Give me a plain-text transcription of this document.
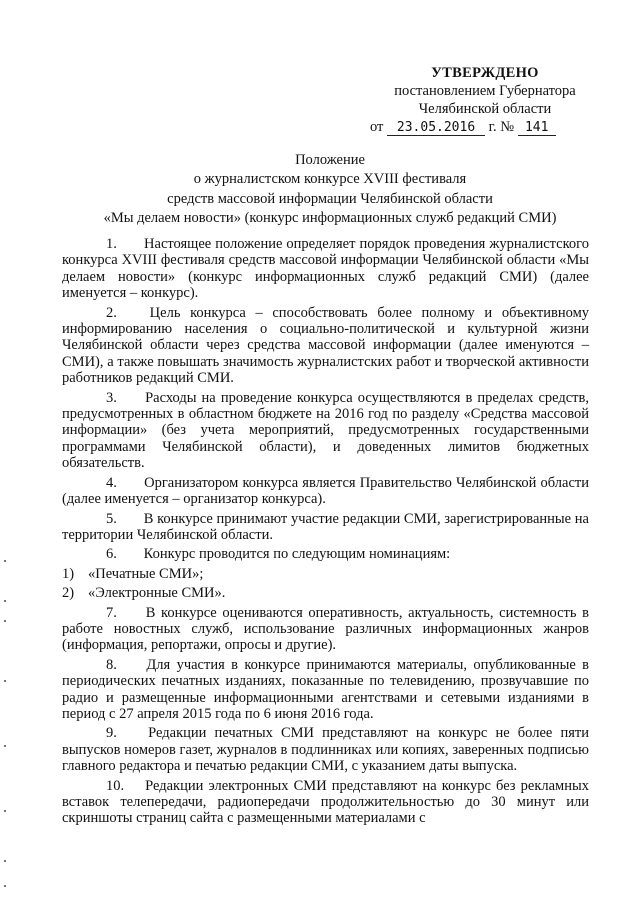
УТВЕРЖДЕНО
постановлением Губернатора
Челябинской области
от 23.05.2016 г. № 141
Положение
о журналистском конкурсе XVIII фестиваля
средств массовой информации Челябинской области
«Мы делаем новости» (конкурс информационных служб редакций СМИ)

1. Настоящее положение определяет порядок проведения журналистского конкурса XVIII фестиваля средств массовой информации Челябинской области «Мы делаем новости» (конкурс информационных служб редакций СМИ) (далее именуется – конкурс).

2. Цель конкурса – способствовать более полному и объективному информированию населения о социально-политической и культурной жизни Челябинской области через средства массовой информации (далее именуются – СМИ), а также повышать значимость журналистских работ и творческой активности работников редакций СМИ.

3. Расходы на проведение конкурса осуществляются в пределах средств, предусмотренных в областном бюджете на 2016 год по разделу «Средства массовой информации» (без учета мероприятий, предусмотренных государственными программами Челябинской области), и доведенных лимитов бюджетных обязательств.

4. Организатором конкурса является Правительство Челябинской области (далее именуется – организатор конкурса).

5. В конкурсе принимают участие редакции СМИ, зарегистрированные на территории Челябинской области.

6. Конкурс проводится по следующим номинациям:

1) «Печатные СМИ»;

2) «Электронные СМИ».

7. В конкурсе оцениваются оперативность, актуальность, системность в работе новостных служб, использование различных информационных жанров (информация, репортажи, опросы и другие).

8. Для участия в конкурсе принимаются материалы, опубликованные в периодических печатных изданиях, показанные по телевидению, прозвучавшие по радио и размещенные информационными агентствами и сетевыми изданиями в период с 27 апреля 2015 года по 6 июня 2016 года.

9. Редакции печатных СМИ представляют на конкурс не более пяти выпусков номеров газет, журналов в подлинниках или копиях, заверенных подписью главного редактора и печатью редакции СМИ, с указанием даты выпуска.

10. Редакции электронных СМИ представляют на конкурс без рекламных вставок телепередачи, радиопередачи продолжительностью до 30 минут или скриншоты страниц сайта с размещенными материалами с
